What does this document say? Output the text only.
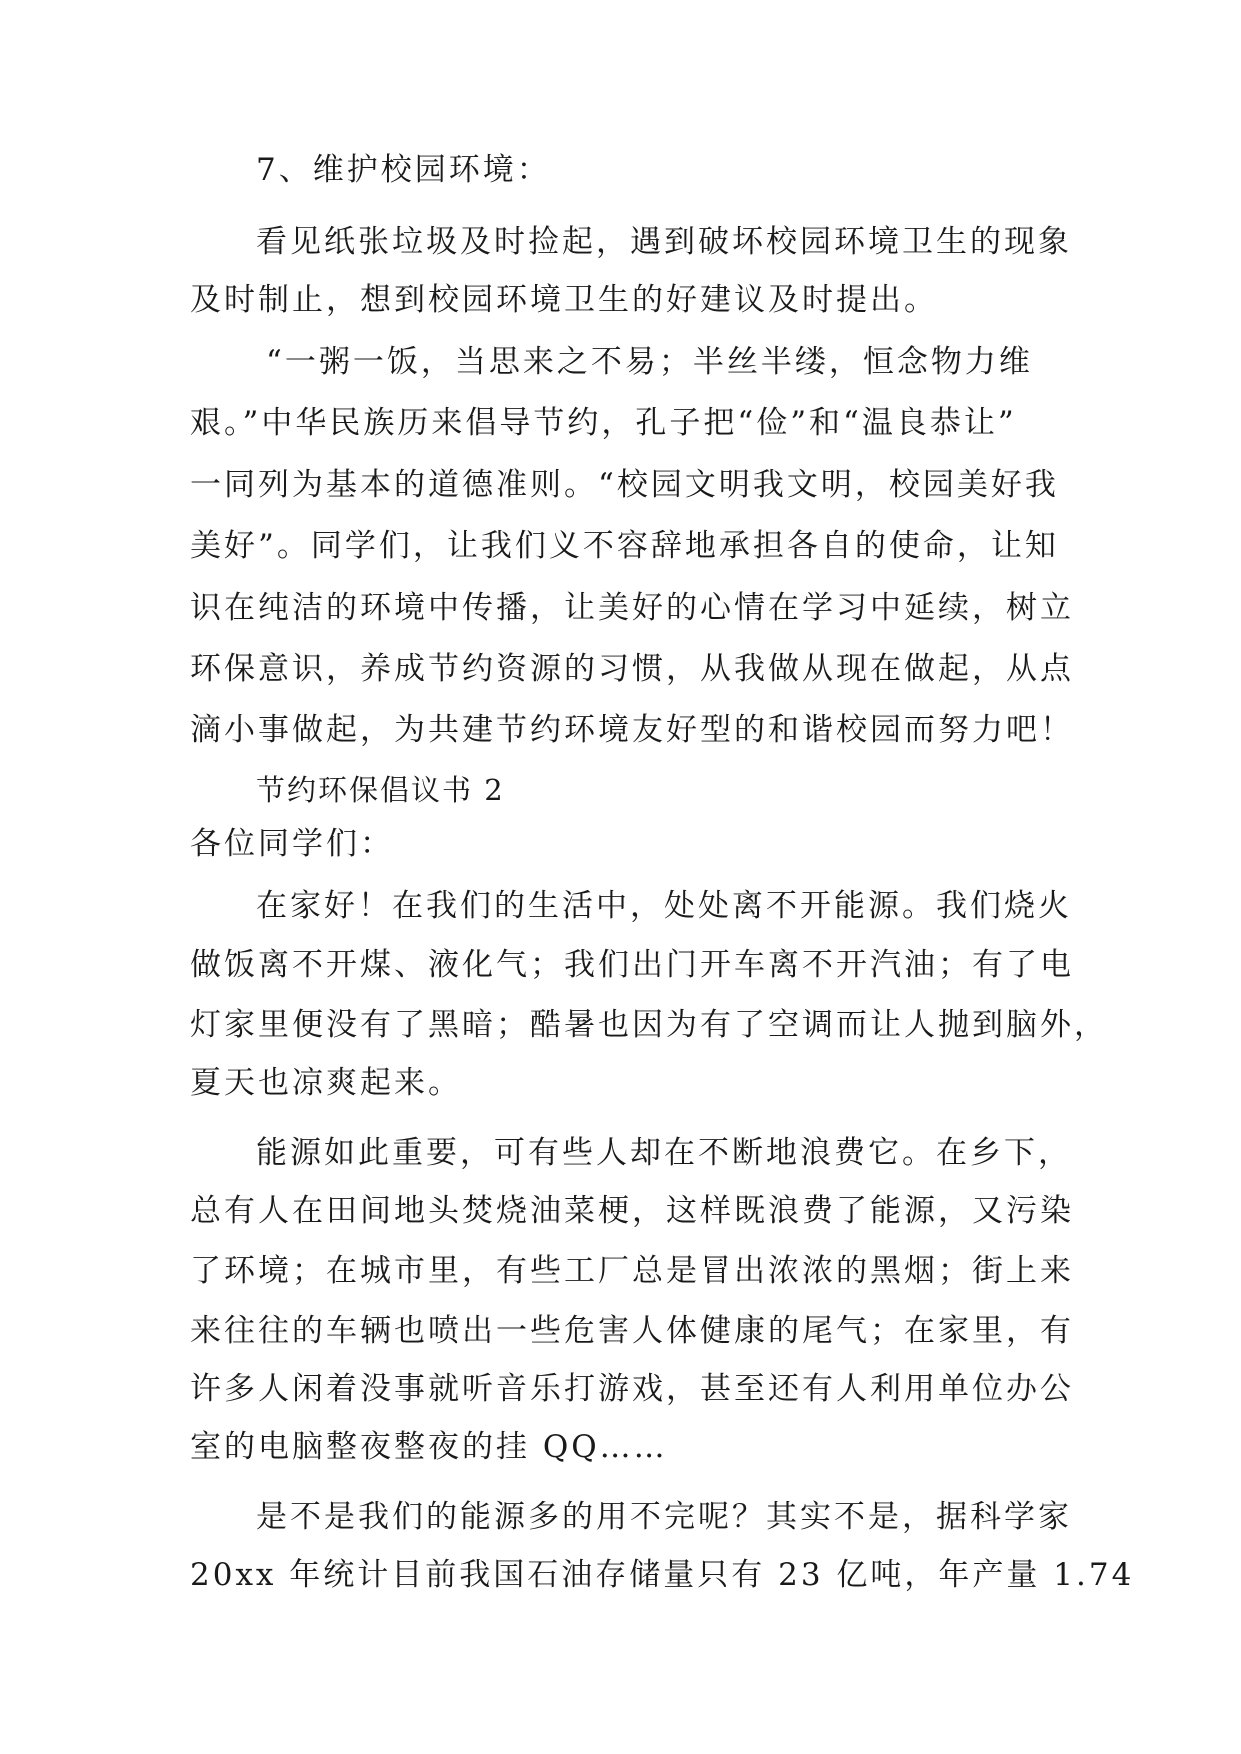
7、维护校园环境：
看见纸张垃圾及时捡起，遇到破坏校园环境卫生的现象
及时制止，想到校园环境卫生的好建议及时提出。
“一粥一饭，当思来之不易；半丝半缕，恒念物力维
艰。”中华民族历来倡导节约，孔子把“俭”和“温良恭让”
一同列为基本的道德准则。“校园文明我文明，校园美好我
美好”。同学们，让我们义不容辞地承担各自的使命，让知
识在纯洁的环境中传播，让美好的心情在学习中延续，树立
环保意识，养成节约资源的习惯，从我做从现在做起，从点
滴小事做起，为共建节约环境友好型的和谐校园而努力吧！
节约环保倡议书 2
各位同学们：
在家好！在我们的生活中，处处离不开能源。我们烧火
做饭离不开煤、液化气；我们出门开车离不开汽油；有了电
灯家里便没有了黑暗；酷暑也因为有了空调而让人抛到脑外，
夏天也凉爽起来。
能源如此重要，可有些人却在不断地浪费它。在乡下，
总有人在田间地头焚烧油菜梗，这样既浪费了能源，又污染
了环境；在城市里，有些工厂总是冒出浓浓的黑烟；街上来
来往往的车辆也喷出一些危害人体健康的尾气；在家里，有
许多人闲着没事就听音乐打游戏，甚至还有人利用单位办公
室的电脑整夜整夜的挂 QQ……
是不是我们的能源多的用不完呢？其实不是，据科学家
20xx 年统计目前我国石油存储量只有 23 亿吨，年产量 1.74
